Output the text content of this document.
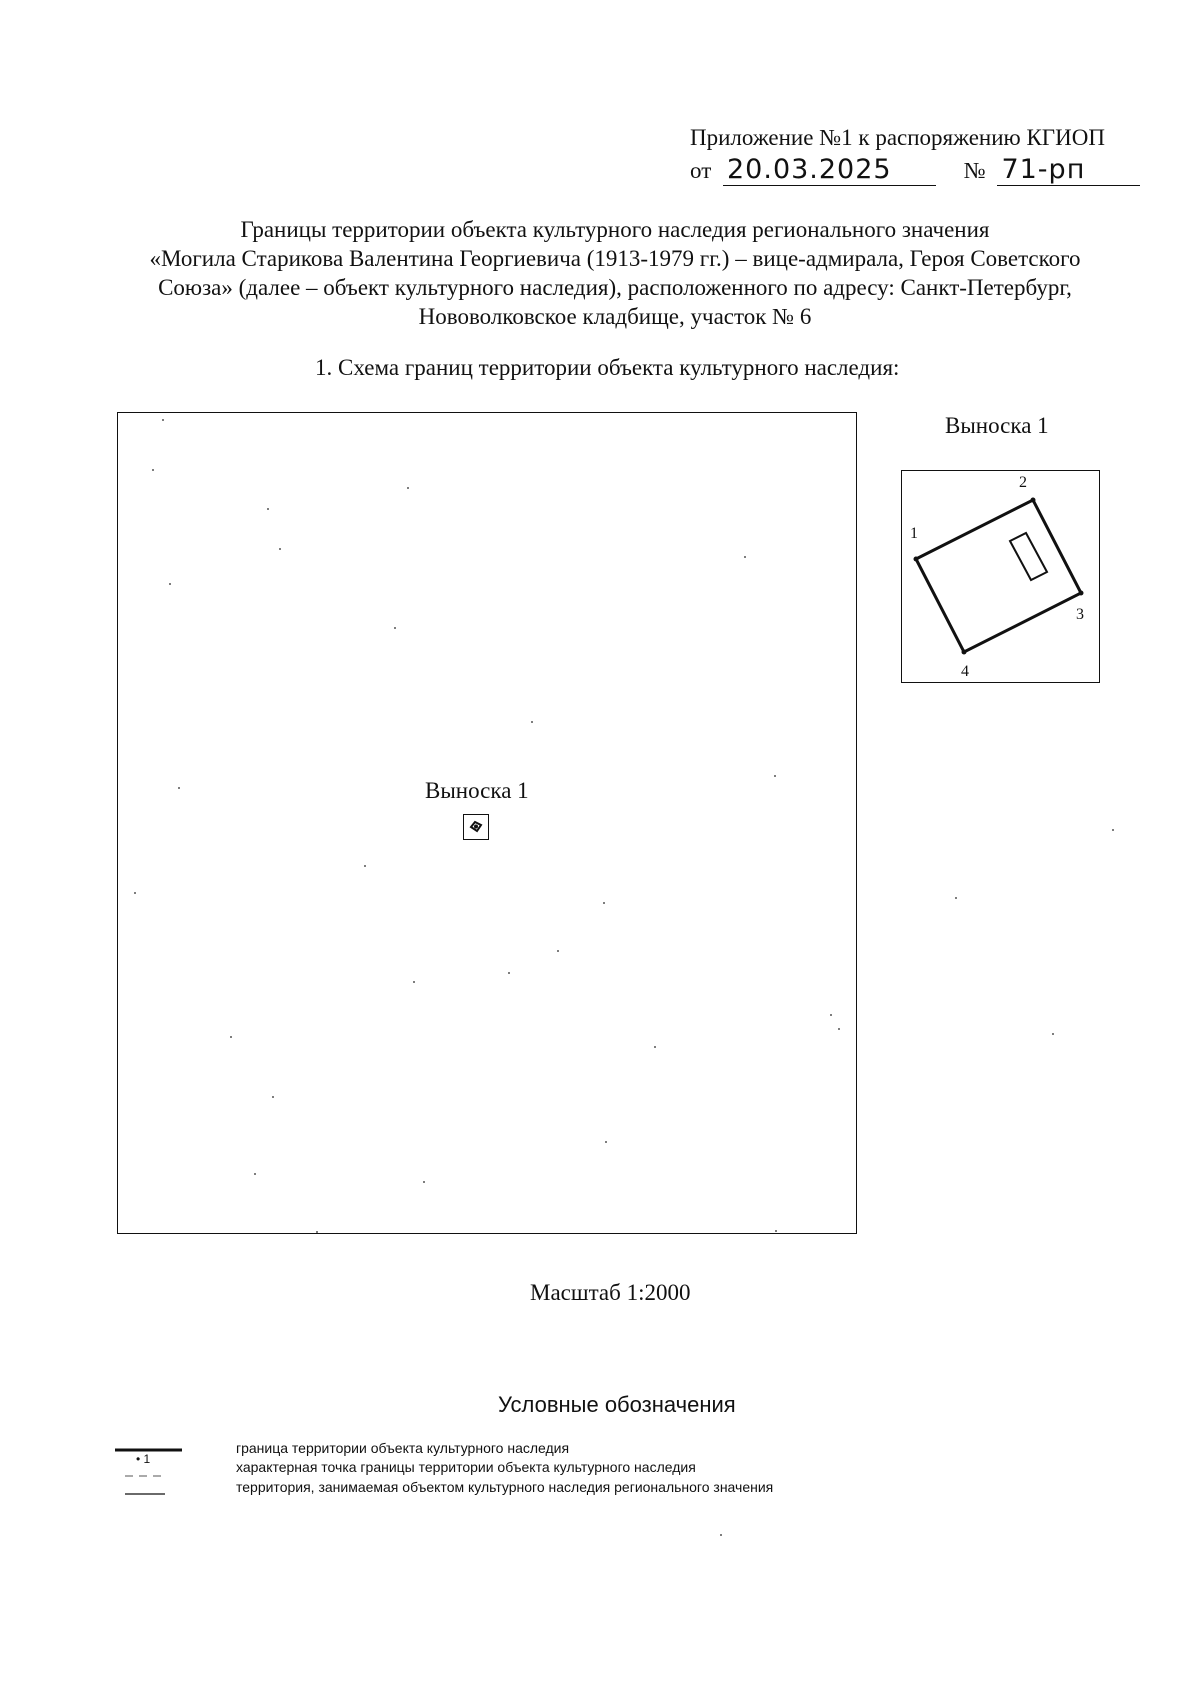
Приложение №1 к распоряжению КГИОП
от 20.03.2025	№ 71-рп
Границы территории объекта культурного наследия регионального значения
«Могила Старикова Валентина Георгиевича (1913-1979 гг.) – вице-адмирала, Героя Советского
Союза» (далее – объект культурного наследия), расположенного по адресу: Санкт-Петербург,
Нововолковское кладбище, участок № 6
1. Схема границ территории объекта культурного наследия:
Выноска 1
Выноска 1
1
2
3
4
Масштаб 1:2000
Условные обозначения
граница территории объекта культурного наследия
• 1	характерная точка границы территории объекта культурного наследия
территория, занимаемая объектом культурного наследия регионального значения
